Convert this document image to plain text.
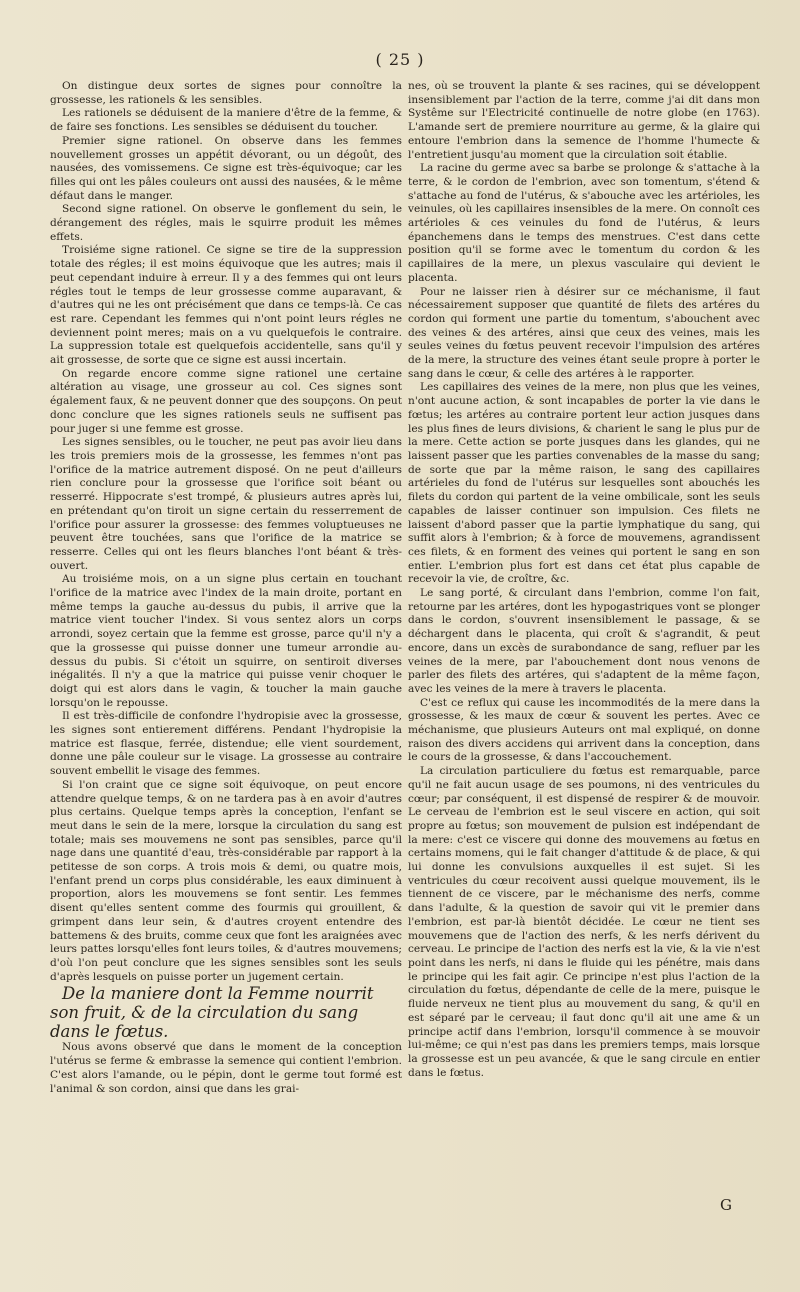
( 25 )

On distingue deux sortes de signes pour connoître la grossesse, les rationels & les sensibles.

Les rationels se déduisent de la maniere d'être de la femme, & de faire ses fonctions. Les sensibles se déduisent du toucher.

Premier signe rationel. On observe dans les femmes nouvellement grosses un appétit dévorant, ou un dégoût, des nausées, des vomissemens. Ce signe est très-équivoque; car les filles qui ont les pâles couleurs ont aussi des nausées, & le même défaut dans le manger.

Second signe rationel. On observe le gonflement du sein, le dérangement des régles, mais le squirre produit les mêmes effets.

Troisiéme signe rationel. Ce signe se tire de la suppression totale des régles; il est moins équivoque que les autres; mais il peut cependant induire à erreur. Il y a des femmes qui ont leurs régles tout le temps de leur grossesse comme auparavant, & d'autres qui ne les ont précisément que dans ce temps-là. Ce cas est rare. Cependant les femmes qui n'ont point leurs régles ne deviennent point meres; mais on a vu quelquefois le contraire. La suppression totale est quelquefois accidentelle, sans qu'il y ait grossesse, de sorte que ce signe est aussi incertain.

On regarde encore comme signe rationel une certaine altération au visage, une grosseur au col. Ces signes sont également faux, & ne peuvent donner que des soupçons. On peut donc conclure que les signes rationels seuls ne suffisent pas pour juger si une femme est grosse.

Les signes sensibles, ou le toucher, ne peut pas avoir lieu dans les trois premiers mois de la grossesse, les femmes n'ont pas l'orifice de la matrice autrement disposé. On ne peut d'ailleurs rien conclure pour la grossesse que l'orifice soit béant ou resserré. Hippocrate s'est trompé, & plusieurs autres après lui, en prétendant qu'on tiroit un signe certain du resserrement de l'orifice pour assurer la grossesse: des femmes voluptueuses ne peuvent être touchées, sans que l'orifice de la matrice se resserre. Celles qui ont les fleurs blanches l'ont béant & très-ouvert.

Au troisiéme mois, on a un signe plus certain en touchant l'orifice de la matrice avec l'index de la main droite, portant en même temps la gauche au-dessus du pubis, il arrive que la matrice vient toucher l'index. Si vous sentez alors un corps arrondi, soyez certain que la femme est grosse, parce qu'il n'y a que la grossesse qui puisse donner une tumeur arrondie au-dessus du pubis. Si c'étoit un squirre, on sentiroit diverses inégalités. Il n'y a que la matrice qui puisse venir choquer le doigt qui est alors dans le vagin, & toucher la main gauche lorsqu'on le repousse.

Il est très-difficile de confondre l'hydropisie avec la grossesse, les signes sont entierement différens. Pendant l'hydropisie la matrice est flasque, ferrée, distendue; elle vient sourdement, donne une pâle couleur sur le visage. La grossesse au contraire souvent embellit le visage des femmes.

Si l'on craint que ce signe soit équivoque, on peut encore attendre quelque temps, & on ne tardera pas à en avoir d'autres plus certains. Quelque temps après la conception, l'enfant se meut dans le sein de la mere, lorsque la circulation du sang est totale; mais ses mouvemens ne sont pas sensibles, parce qu'il nage dans une quantité d'eau, très-considérable par rapport à la petitesse de son corps. A trois mois & demi, ou quatre mois, l'enfant prend un corps plus considérable, les eaux diminuent à proportion, alors les mouvemens se font sentir. Les femmes disent qu'elles sentent comme des fourmis qui grouillent, & grimpent dans leur sein, & d'autres croyent entendre des battemens & des bruits, comme ceux que font les araignées avec leurs pattes lorsqu'elles font leurs toiles, & d'autres mouvemens; d'où l'on peut conclure que les signes sensibles sont les seuls d'après lesquels on puisse porter un jugement certain.

De la maniere dont la Femme nourrit son fruit, & de la circulation du sang dans le fœtus.

Nous avons observé que dans le moment de la conception l'utérus se ferme & embrasse la semence qui contient l'embrion. C'est alors l'amande, ou le pépin, dont le germe tout formé est l'animal & son cordon, ainsi que dans les grai-

nes, où se trouvent la plante & ses racines, qui se développent insensiblement par l'action de la terre, comme j'ai dit dans mon Systême sur l'Electricité continuelle de notre globe (en 1763). L'amande sert de premiere nourriture au germe, & la glaire qui entoure l'embrion dans la semence de l'homme l'humecte & l'entretient jusqu'au moment que la circulation soit établie.

La racine du germe avec sa barbe se prolonge & s'attache à la terre, & le cordon de l'embrion, avec son tomentum, s'étend & s'attache au fond de l'utérus, & s'abouche avec les artérioles, les veinules, où les capillaires insensibles de la mere. On connoît ces artérioles & ces veinules du fond de l'utérus, & leurs épanchemens dans le temps des menstrues. C'est dans cette position qu'il se forme avec le tomentum du cordon & les capillaires de la mere, un plexus vasculaire qui devient le placenta.

Pour ne laisser rien à désirer sur ce méchanisme, il faut nécessairement supposer que quantité de filets des artéres du cordon qui forment une partie du tomentum, s'abouchent avec des veines & des artéres, ainsi que ceux des veines, mais les seules veines du fœtus peuvent recevoir l'impulsion des artéres de la mere, la structure des veines étant seule propre à porter le sang dans le cœur, & celle des artéres à le rapporter.

Les capillaires des veines de la mere, non plus que les veines, n'ont aucune action, & sont incapables de porter la vie dans le fœtus; les artéres au contraire portent leur action jusques dans les plus fines de leurs divisions, & charient le sang le plus pur de la mere. Cette action se porte jusques dans les glandes, qui ne laissent passer que les parties convenables de la masse du sang; de sorte que par la même raison, le sang des capillaires artérieles du fond de l'utérus sur lesquelles sont abouchés les filets du cordon qui partent de la veine ombilicale, sont les seuls capables de laisser continuer son impulsion. Ces filets ne laissent d'abord passer que la partie lymphatique du sang, qui suffit alors à l'embrion; & à force de mouvemens, agrandissent ces filets, & en forment des veines qui portent le sang en son entier. L'embrion plus fort est dans cet état plus capable de recevoir la vie, de croître, &c.

Le sang porté, & circulant dans l'embrion, comme l'on fait, retourne par les artéres, dont les hypogastriques vont se plonger dans le cordon, s'ouvrent insensiblement le passage, & se déchargent dans le placenta, qui croît & s'agrandit, & peut encore, dans un excès de surabondance de sang, refluer par les veines de la mere, par l'abouchement dont nous venons de parler des filets des artéres, qui s'adaptent de la même façon, avec les veines de la mere à travers le placenta.

C'est ce reflux qui cause les incommodités de la mere dans la grossesse, & les maux de cœur & souvent les pertes. Avec ce méchanisme, que plusieurs Auteurs ont mal expliqué, on donne raison des divers accidens qui arrivent dans la conception, dans le cours de la grossesse, & dans l'accouchement.

La circulation particuliere du fœtus est remarquable, parce qu'il ne fait aucun usage de ses poumons, ni des ventricules du cœur; par conséquent, il est dispensé de respirer & de mouvoir. Le cerveau de l'embrion est le seul viscere en action, qui soit propre au fœtus; son mouvement de pulsion est indépendant de la mere: c'est ce viscere qui donne des mouvemens au fœtus en certains momens, qui le fait changer d'attitude & de place, & qui lui donne les convulsions auxquelles il est sujet. Si les ventricules du cœur recoivent aussi quelque mouvement, ils le tiennent de ce viscere, par le méchanisme des nerfs, comme dans l'adulte, & la question de savoir qui vit le premier dans l'embrion, est par-là bientôt décidée. Le cœur ne tient ses mouvemens que de l'action des nerfs, & les nerfs dérivent du cerveau. Le principe de l'action des nerfs est la vie, & la vie n'est point dans les nerfs, ni dans le fluide qui les pénétre, mais dans le principe qui les fait agir. Ce principe n'est plus l'action de la circulation du fœtus, dépendante de celle de la mere, puisque le fluide nerveux ne tient plus au mouvement du sang, & qu'il en est séparé par le cerveau; il faut donc qu'il ait une ame & un principe actif dans l'embrion, lorsqu'il commence à se mouvoir lui-même; ce qui n'est pas dans les premiers temps, mais lorsque la grossesse est un peu avancée, & que le sang circule en entier dans le fœtus.

G
